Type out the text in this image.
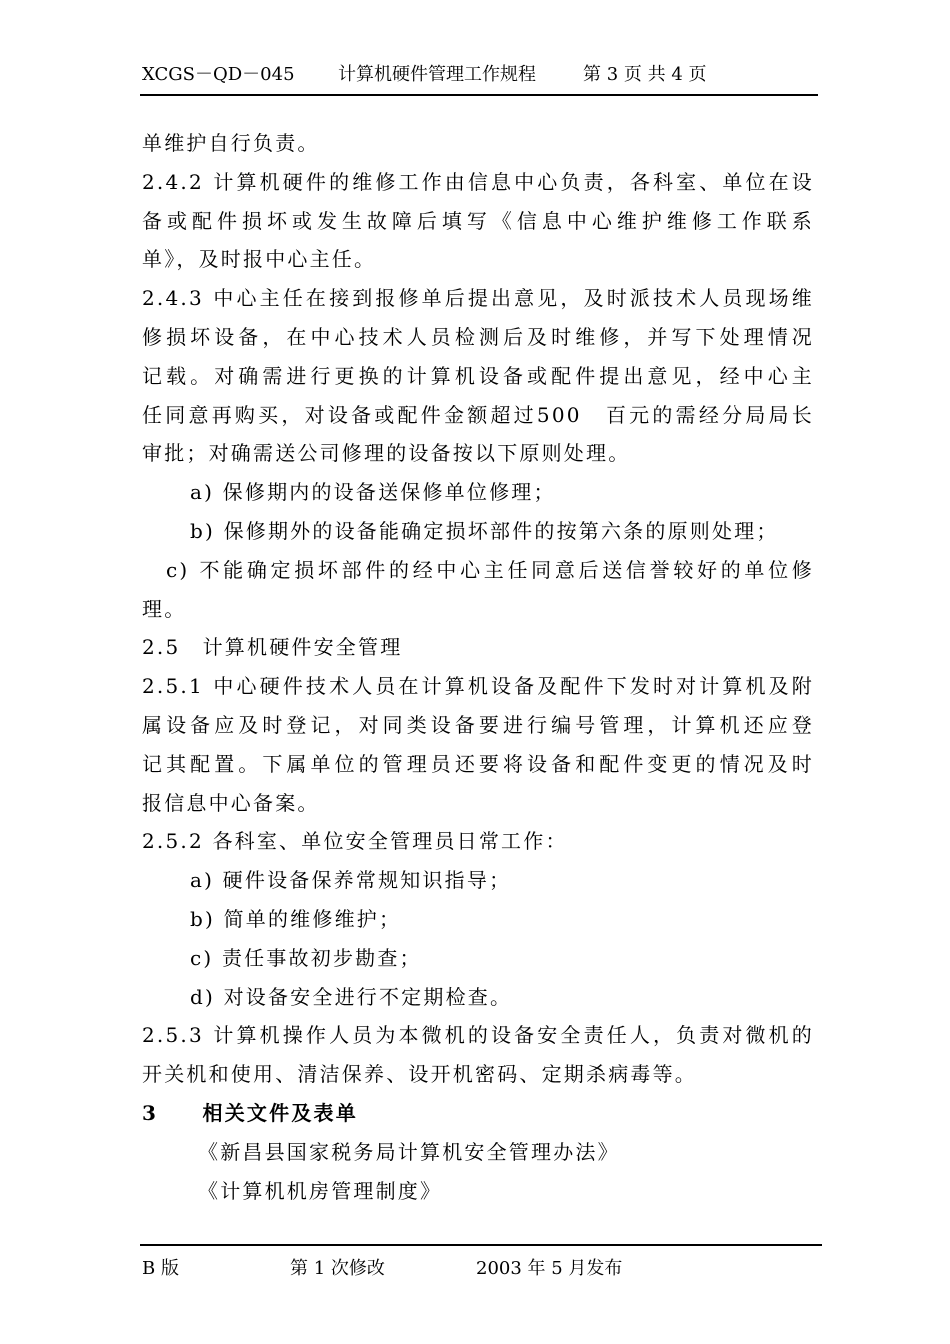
XCGS－QD－045 计算机硬件管理工作规程	第 3 页 共 4 页
单维护自行负责。
2.4.2 计算机硬件的维修工作由信息中心负责，各科室、单位在设
备或配件损坏或发生故障后填写《信息中心维护维修工作联系
单》，及时报中心主任。
2.4.3 中心主任在接到报修单后提出意见，及时派技术人员现场维
修损坏设备，在中心技术人员检测后及时维修，并写下处理情况
记载。对确需进行更换的计算机设备或配件提出意见，经中心主
任同意再购买，对设备或配件金额超过500　百元的需经分局局长
审批；对确需送公司修理的设备按以下原则处理。
a) 保修期内的设备送保修单位修理；
b) 保修期外的设备能确定损坏部件的按第六条的原则处理；
c) 不能确定损坏部件的经中心主任同意后送信誉较好的单位修
理。
2.5　计算机硬件安全管理
2.5.1 中心硬件技术人员在计算机设备及配件下发时对计算机及附
属设备应及时登记，对同类设备要进行编号管理，计算机还应登
记其配置。下属单位的管理员还要将设备和配件变更的情况及时
报信息中心备案。
2.5.2 各科室、单位安全管理员日常工作：
a) 硬件设备保养常规知识指导；
b) 简单的维修维护；
c) 责任事故初步勘查；
d) 对设备安全进行不定期检查。
2.5.3 计算机操作人员为本微机的设备安全责任人，负责对微机的
开关机和使用、清洁保养、设开机密码、定期杀病毒等。
3　　相关文件及表单
《新昌县国家税务局计算机安全管理办法》
《计算机机房管理制度》
B 版	第 1 次修改	2003 年 5 月发布
